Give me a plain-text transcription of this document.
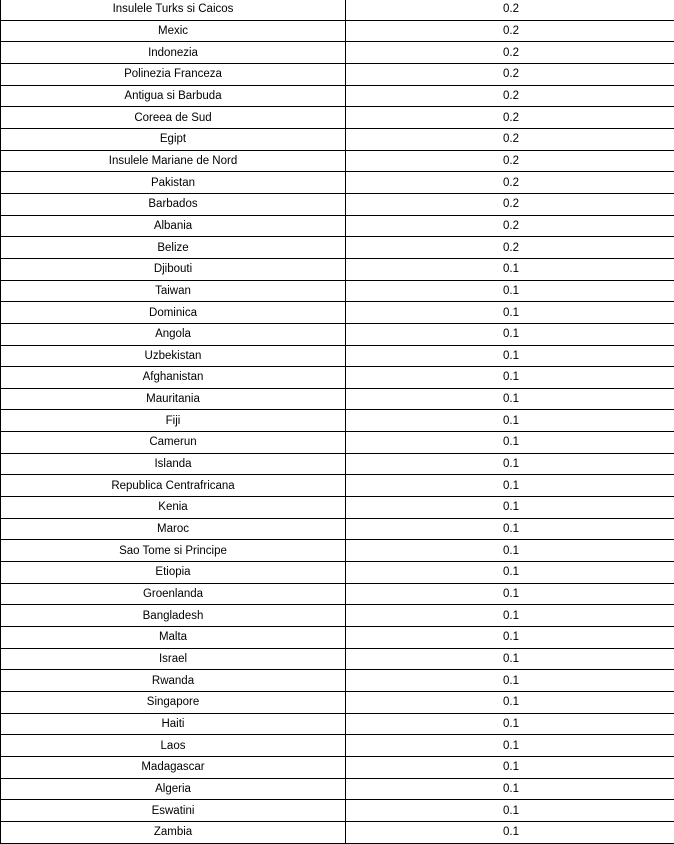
Insulele Turks si Caicos	0.2
Mexic	0.2
Indonezia	0.2
Polinezia Franceza	0.2
Antigua si Barbuda	0.2
Coreea de Sud	0.2
Egipt	0.2
Insulele Mariane de Nord	0.2
Pakistan	0.2
Barbados	0.2
Albania	0.2
Belize	0.2
Djibouti	0.1
Taiwan	0.1
Dominica	0.1
Angola	0.1
Uzbekistan	0.1
Afghanistan	0.1
Mauritania	0.1
Fiji	0.1
Camerun	0.1
Islanda	0.1
Republica Centrafricana	0.1
Kenia	0.1
Maroc	0.1
Sao Tome si Principe	0.1
Etiopia	0.1
Groenlanda	0.1
Bangladesh	0.1
Malta	0.1
Israel	0.1
Rwanda	0.1
Singapore	0.1
Haiti	0.1
Laos	0.1
Madagascar	0.1
Algeria	0.1
Eswatini	0.1
Zambia	0.1
